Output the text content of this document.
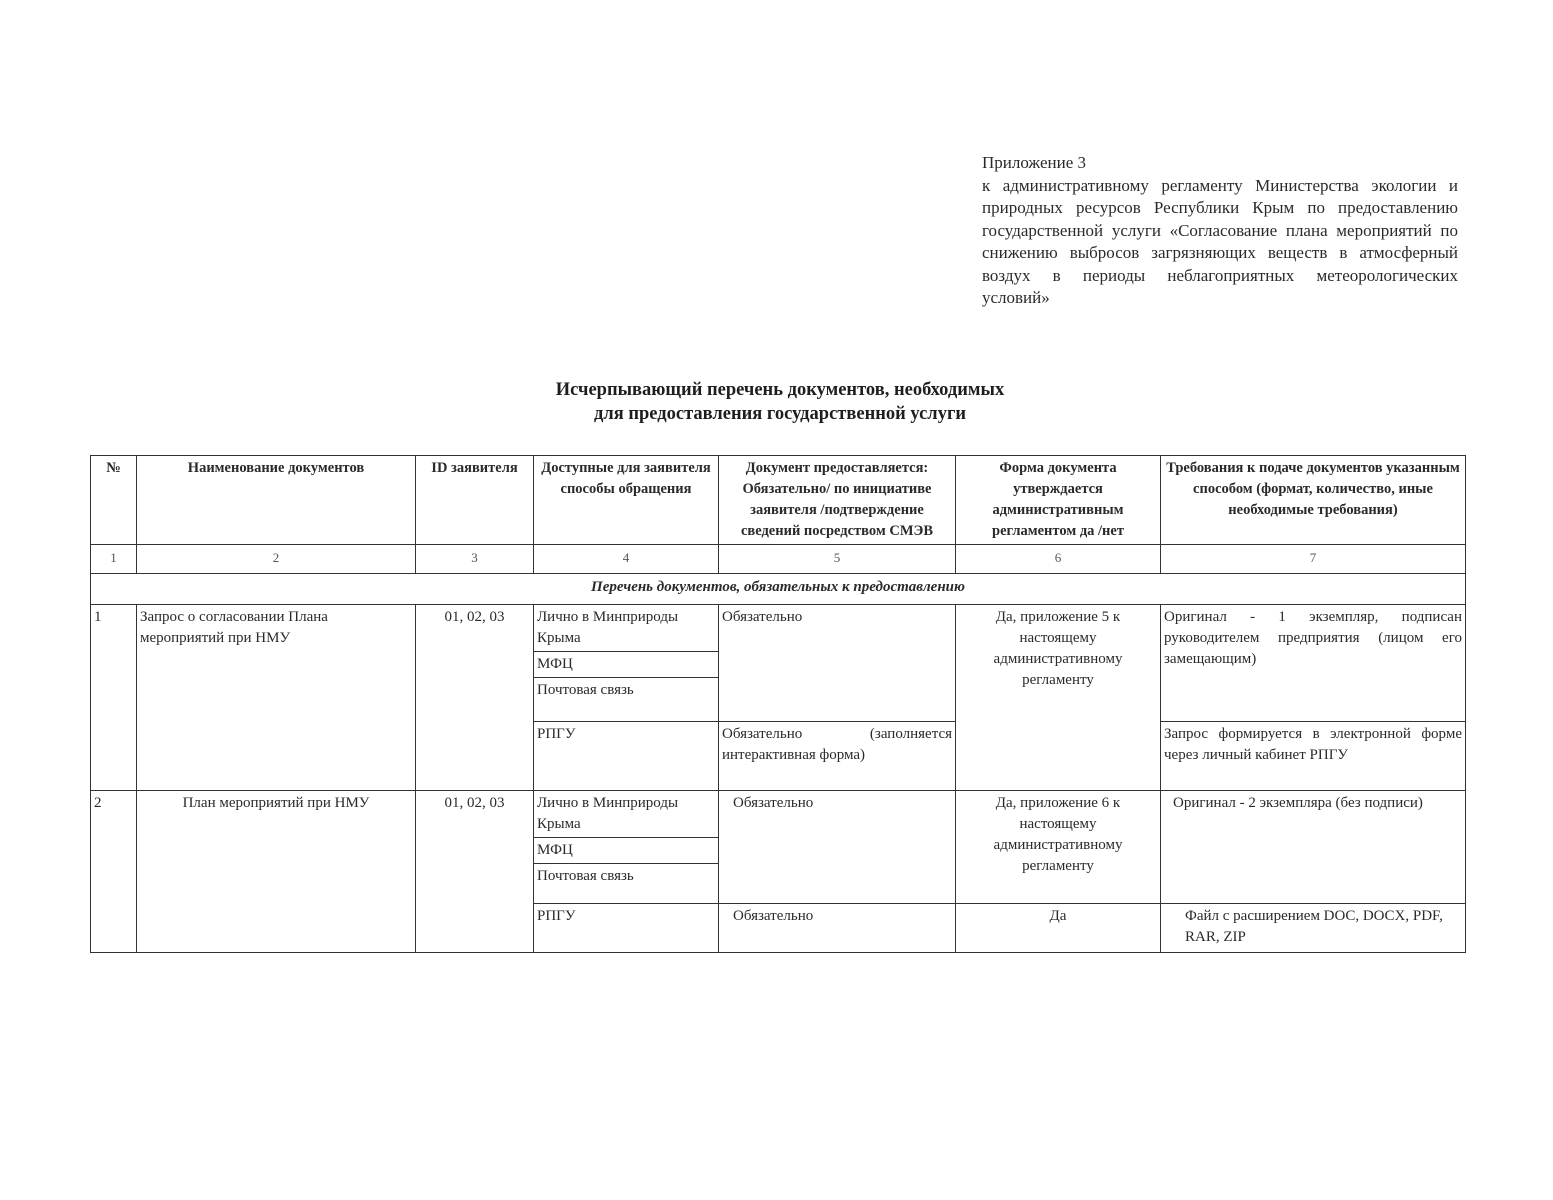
Приложение 3
к административному регламенту Министерства экологии и природных ресурсов Республики Крым по предоставлению государственной услуги «Согласование плана мероприятий по снижению выбросов загрязняющих веществ в атмосферный воздух в периоды неблагоприятных метеорологических условий»
Исчерпывающий перечень документов, необходимых
для предоставления государственной услуги
№	Наименование документов	ID заявителя	Доступные для заявителя способы обращения	Документ предоставляется: Обязательно/ по инициативе заявителя /подтверждение сведений посредством СМЭВ	Форма документа утверждается административным регламентом да /нет	Требования к подаче документов указанным способом (формат, количество, иные необходимые требования)
1	2	3	4	5	6	7
Перечень документов, обязательных к предоставлению						
1	Запрос о согласовании Плана мероприятий при НМУ	01, 02, 03	Лично в Минприроды Крыма
МФЦ
Почтовая связь	Обязательно	Да, приложение 5 к настоящему административному регламенту	Оригинал - 1 экземпляр, подписан руководителем предприятия (лицом его замещающим)
			РПГУ	Обязательно (заполняется интерактивная форма)		Запрос формируется в электронной форме через личный кабинет РПГУ
2	План мероприятий при НМУ	01, 02, 03	Лично в Минприроды Крыма
МФЦ
Почтовая связь	Обязательно	Да, приложение 6 к настоящему административному регламенту	Оригинал - 2 экземпляра (без подписи)
			РПГУ	Обязательно	Да	Файл с расширением DOC, DOCX, PDF, RAR, ZIP
